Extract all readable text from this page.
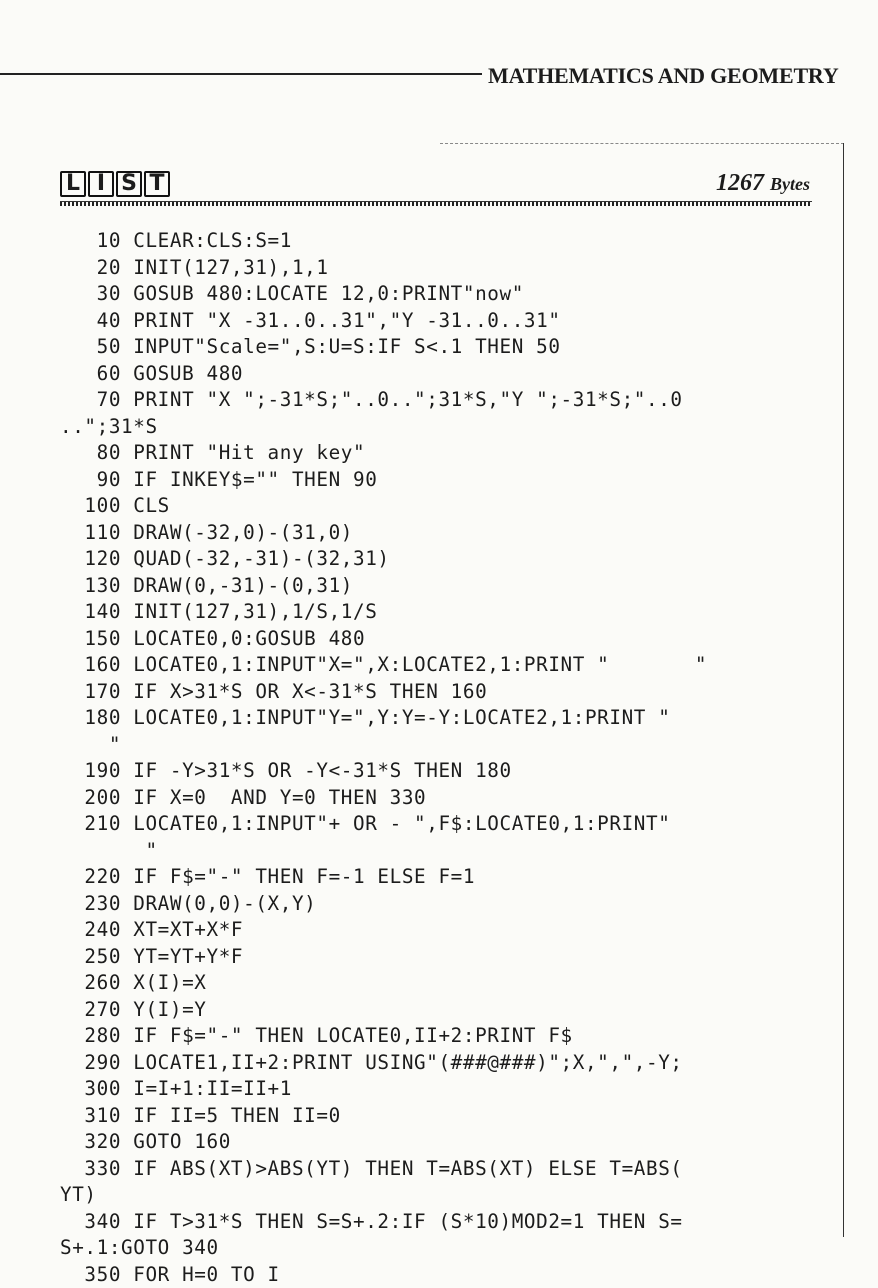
MATHEMATICS AND GEOMETRY
L I S T	1267 Bytes
10 CLEAR:CLS:S=1
20 INIT(127,31),1,1
30 GOSUB 480:LOCATE 12,0:PRINT"now"
40 PRINT "X -31..0..31","Y -31..0..31"
50 INPUT"Scale=",S:U=S:IF S<.1 THEN 50
60 GOSUB 480
70 PRINT "X ";-31*S;"..0..";31*S,"Y ";-31*S;"..0
..";31*S
80 PRINT "Hit any key"
90 IF INKEY$="" THEN 90
100 CLS
110 DRAW(-32,0)-(31,0)
120 QUAD(-32,-31)-(32,31)
130 DRAW(0,-31)-(0,31)
140 INIT(127,31),1/S,1/S
150 LOCATE0,0:GOSUB 480
160 LOCATE0,1:INPUT"X=",X:LOCATE2,1:PRINT "       "
170 IF X>31*S OR X<-31*S THEN 160
180 LOCATE0,1:INPUT"Y=",Y:Y=-Y:LOCATE2,1:PRINT "
"
190 IF -Y>31*S OR -Y<-31*S THEN 180
200 IF X=0  AND Y=0 THEN 330
210 LOCATE0,1:INPUT"+ OR - ",F$:LOCATE0,1:PRINT"
"
220 IF F$="-" THEN F=-1 ELSE F=1
230 DRAW(0,0)-(X,Y)
240 XT=XT+X*F
250 YT=YT+Y*F
260 X(I)=X
270 Y(I)=Y
280 IF F$="-" THEN LOCATE0,II+2:PRINT F$
290 LOCATE1,II+2:PRINT USING"(###@###)";X,",",-Y;
300 I=I+1:II=II+1
310 IF II=5 THEN II=0
320 GOTO 160
330 IF ABS(XT)>ABS(YT) THEN T=ABS(XT) ELSE T=ABS(
YT)
340 IF T>31*S THEN S=S+.2:IF (S*10)MOD2=1 THEN S=
S+.1:GOTO 340
350 FOR H=0 TO I
